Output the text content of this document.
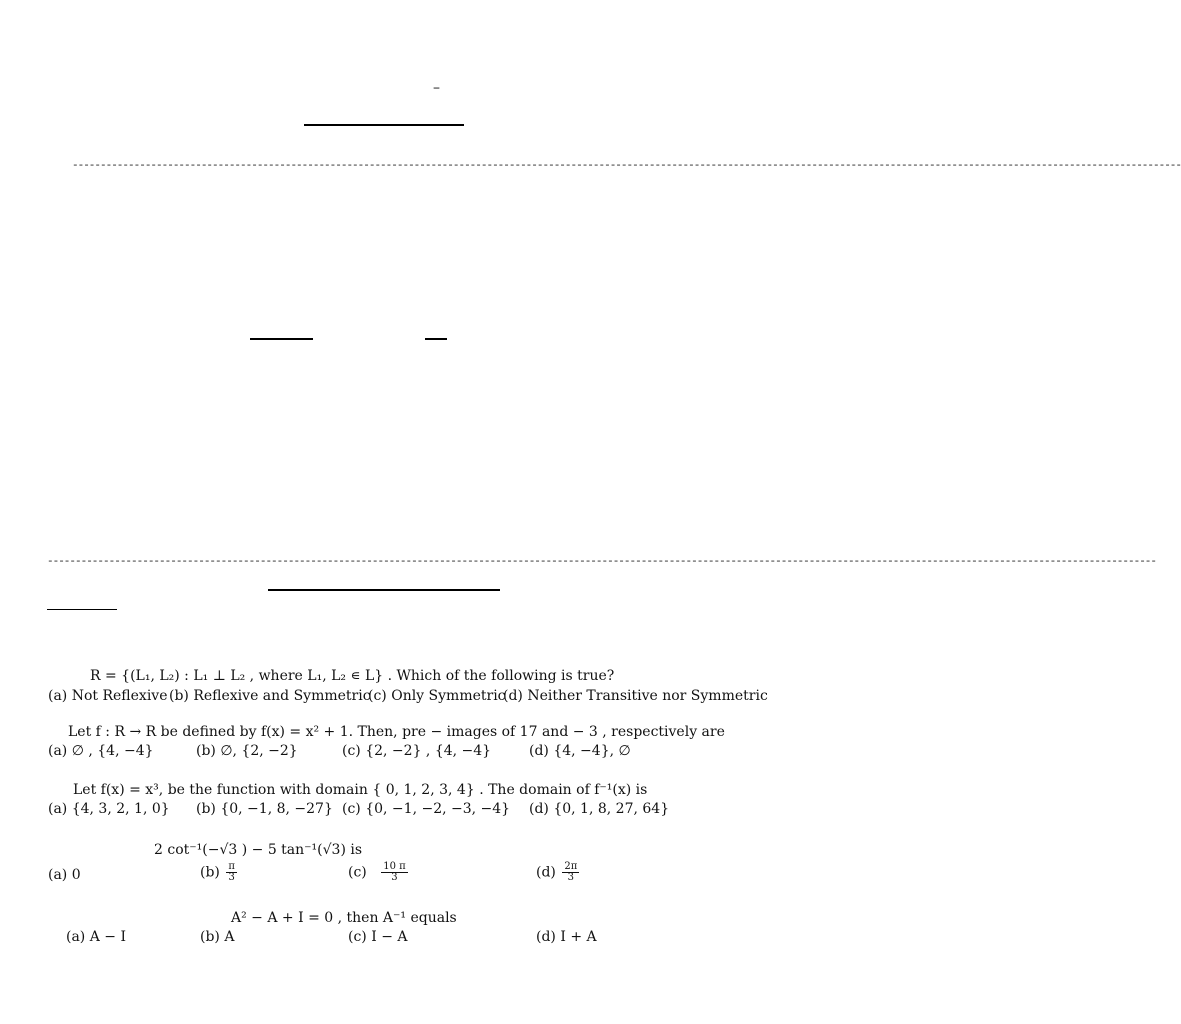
–
------------------------------------------------------------------------------------------------------------------------------------------------------------------------------------------------------
------------------------------------------------------------------------------------------------------------------------------------------------------------------------------------------------------
R = {(L₁, L₂) : L₁ ⊥ L₂ , where L₁, L₂ ∊ L} . Which of the following is true?
(a) Not Reflexive (b) Reflexive and Symmetric
(c) Only Symmetric
(d) Neither Transitive nor Symmetric
Let f : R → R be defined by f(x) = x² + 1. Then, pre − images of 17 and − 3 , respectively are
(a) ∅ , {4, −4}	(b) ∅, {2, −2}	(c) {2, −2} , {4, −4}	(d) {4, −4}, ∅
Let f(x) = x³, be the function with domain { 0, 1, 2, 3, 4} . The domain of f⁻¹(x) is
(a) {4, 3, 2, 1, 0} (b) {0, −1, 8, −27} (c) {0, −1, −2, −3, −4} (d) {0, 1, 8, 27, 64}
2 cot⁻¹(−√3 ) − 5 tan⁻¹(√3) is
(a) 0	$(b) \frac{\pi}{3}$	$(c) \frac{10 \pi}{3}$	$(d) \frac{2\pi}{3}$
A² − A + I = 0 , then A⁻¹ equals
(a) A − I	(b) A	(c) I − A	(d) I + A
